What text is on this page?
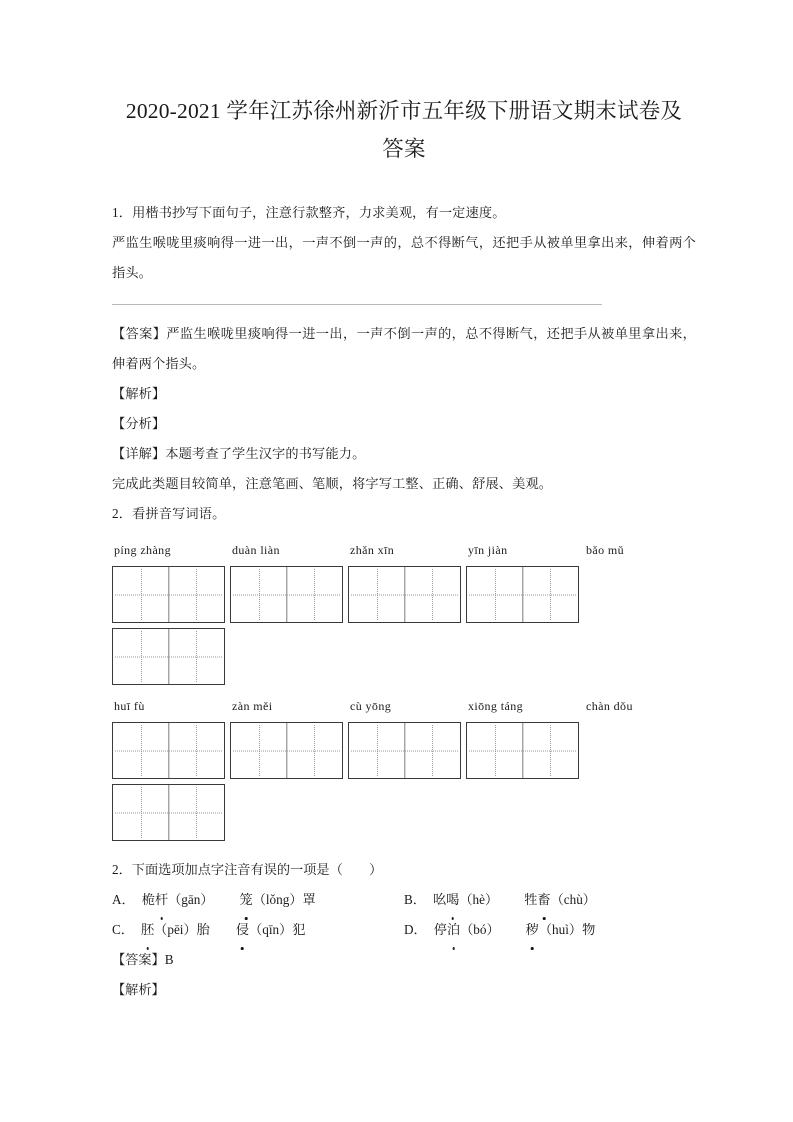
2020-2021 学年江苏徐州新沂市五年级下册语文期末试卷及答案

1．用楷书抄写下面句子，注意行款整齐，力求美观，有一定速度。

严监生喉咙里痰响得一进一出，一声不倒一声的，总不得断气，还把手从被单里拿出来，伸着两个指头。

【答案】严监生喉咙里痰响得一进一出，一声不倒一声的，总不得断气，还把手从被单里拿出来，伸着两个指头。

【解析】

【分析】

【详解】本题考查了学生汉字的书写能力。

完成此类题目较简单，注意笔画、笔顺，将字写工整、正确、舒展、美观。

2．看拼音写词语。

píng zhàng	duàn liàn	zhǎn xīn	yīn jiàn	bǎo mǔ
huī fù	zàn měi	cù yōng	xiōng táng	chàn dǒu

2．下面选项加点字注音有误的一项是（　　）

A． 桅杆（gān） 笼（lǒng）罩	B． 吆喝（hè） 牲畜（chù）
C． 胚（pēi）胎 侵（qīn）犯	D． 停泊（bó） 秽（huì）物

【答案】B

【解析】
